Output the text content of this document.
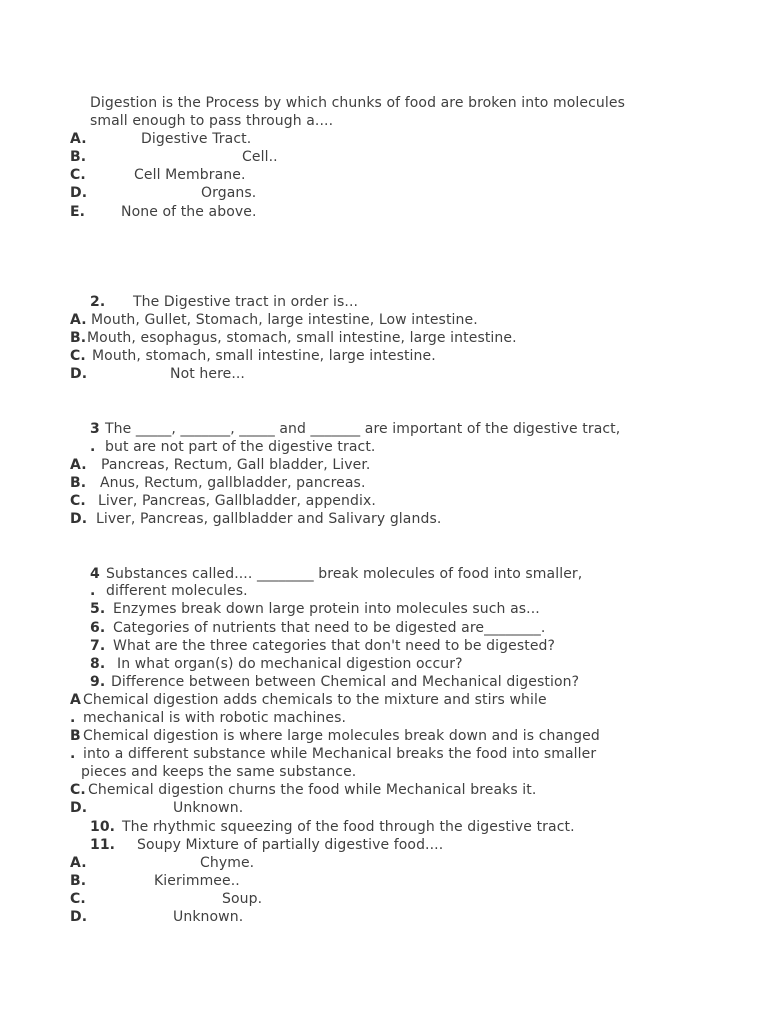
Digestion is the Process by which chunks of food are broken into molecules
small enough to pass through a....
A.	Digestive Tract.
B.	Cell..
C.	Cell Membrane.
D.	Organs.
E.	None of the above.
2. The Digestive tract in order is...
A. Mouth, Gullet, Stomach, large intestine, Low intestine.
B. Mouth, esophagus, stomach, small intestine, large intestine.
C. Mouth, stomach, small intestine, large intestine.
D.	Not here...
3 The _____, _______, _____ and _______ are important of the digestive tract,
. but are not part of the digestive tract.
A. Pancreas, Rectum, Gall bladder, Liver.
B. Anus, Rectum, gallbladder, pancreas.
C. Liver, Pancreas, Gallbladder, appendix.
D. Liver, Pancreas, gallbladder and Salivary glands.
4 Substances called.... ________ break molecules of food into smaller,
. different molecules.
5. Enzymes break down large protein into molecules such as...
6. Categories of nutrients that need to be digested are________.
7. What are the three categories that don't need to be digested?
8. In what organ(s) do mechanical digestion occur?
9. Difference between between Chemical and Mechanical digestion?
A Chemical digestion adds chemicals to the mixture and stirs while
. mechanical is with robotic machines.
B Chemical digestion is where large molecules break down and is changed
. into a different substance while Mechanical breaks the food into smaller
pieces and keeps the same substance.
C. Chemical digestion churns the food while Mechanical breaks it.
D.	Unknown.
10. The rhythmic squeezing of the food through the digestive tract.
11. Soupy Mixture of partially digestive food....
A.	Chyme.
B.	Kierimmee..
C.	Soup.
D.	Unknown.
